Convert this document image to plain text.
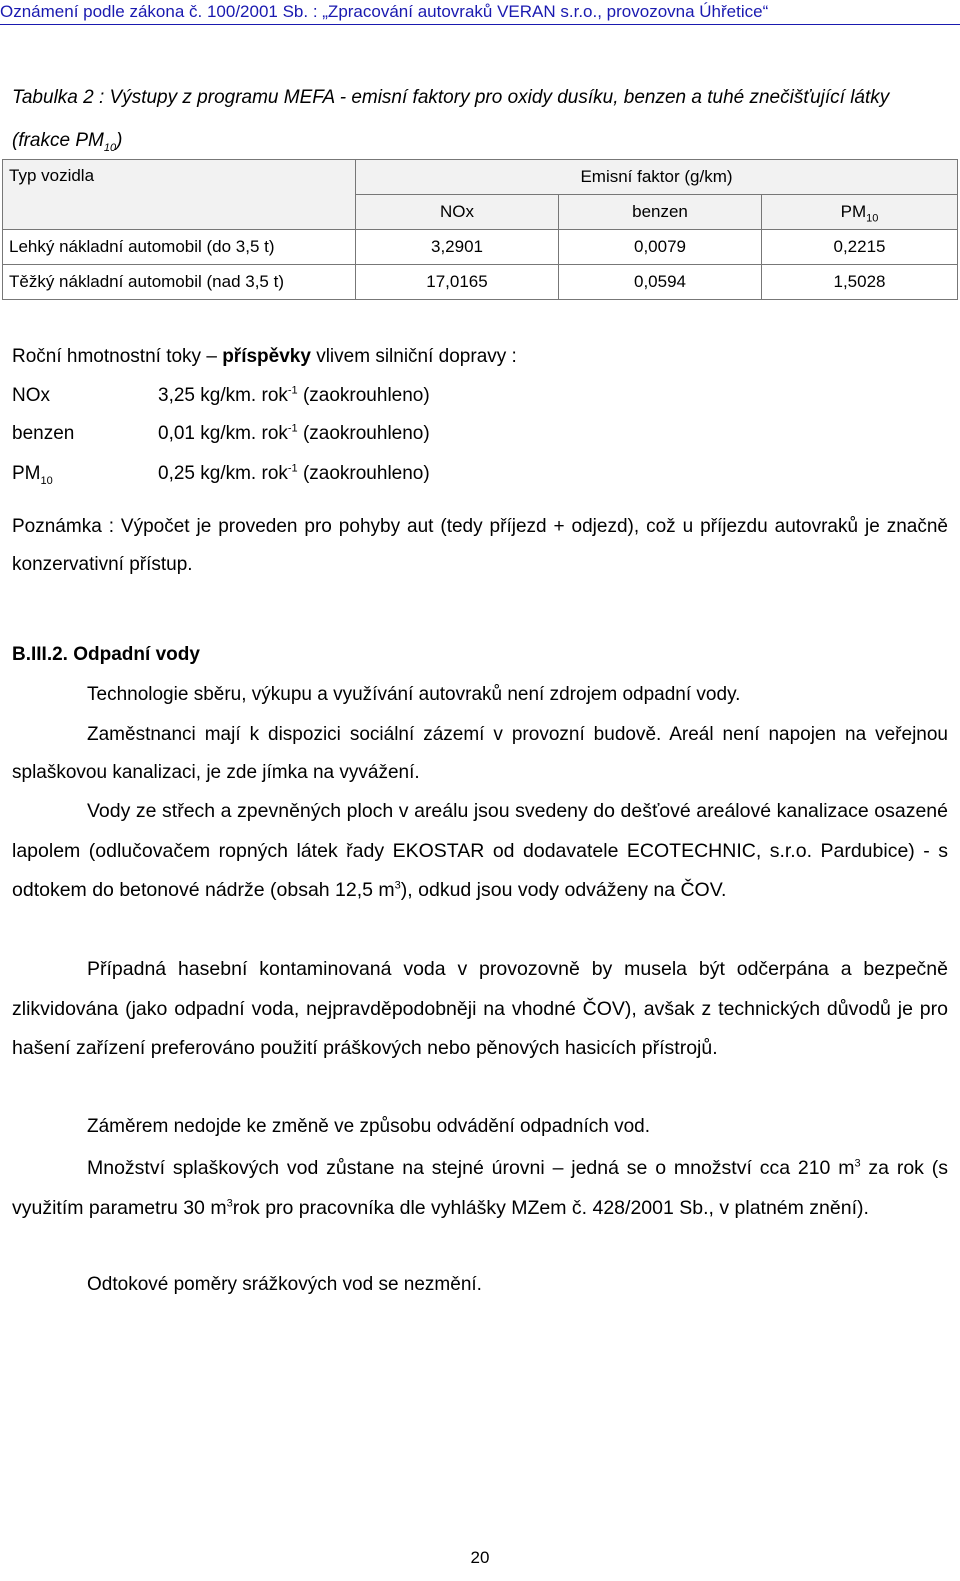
Oznámení podle zákona č. 100/2001 Sb. : „Zpracování autovraků VERAN s.r.o., provozovna Úhřetice“
Tabulka 2 : Výstupy z programu MEFA - emisní faktory pro oxidy dusíku, benzen a tuhé znečišťující látky (frakce $PM_{10}$)
Typ vozidla	Emisní faktor (g/km)		
	NOx	benzen	$PM_{10}$
Lehký nákladní automobil (do 3,5 t)	3,2901	0,0079	0,2215
Těžký nákladní automobil (nad 3,5 t)	17,0165	0,0594	1,5028
Roční hmotnostní toky – příspěvky vlivem silniční dopravy :
NOx	3,25 kg/km. rok$^{-1}$ (zaokrouhleno)
benzen	0,01 kg/km. rok$^{-1}$ (zaokrouhleno)
$PM_{10}$	0,25 kg/km. rok$^{-1}$ (zaokrouhleno)
Poznámka : Výpočet je proveden pro pohyby aut (tedy příjezd + odjezd), což u příjezdu autovraků je značně konzervativní přístup.
B.III.2. Odpadní vody
Technologie sběru, výkupu a využívání autovraků není zdrojem odpadní vody.
Zaměstnanci mají k dispozici sociální zázemí v provozní budově. Areál není napojen na veřejnou splaškovou kanalizaci, je zde jímka na vyvážení.
Vody ze střech a zpevněných ploch v areálu jsou svedeny do dešťové areálové kanalizace osazené lapolem (odlučovačem ropných látek řady EKOSTAR od dodavatele ECOTECHNIC, s.r.o. Pardubice) - s odtokem do betonové nádrže (obsah 12,5 $m^3$), odkud jsou vody odváženy na ČOV.
Případná hasební kontaminovaná voda v provozovně by musela být odčerpána a bezpečně zlikvidována (jako odpadní voda, nejpravděpodobněji na vhodné ČOV), avšak z technických důvodů je pro hašení zařízení preferováno použití práškových nebo pěnových hasicích přístrojů.
Záměrem nedojde ke změně ve způsobu odvádění odpadních vod.
Množství splaškových vod zůstane na stejné úrovni – jedná se o množství cca 210 $m^3$ za rok (s využitím parametru 30 $m^3rok$ pro pracovníka dle vyhlášky MZem č. 428/2001 Sb., v platném znění).
Odtokové poměry srážkových vod se nezmění.
20
